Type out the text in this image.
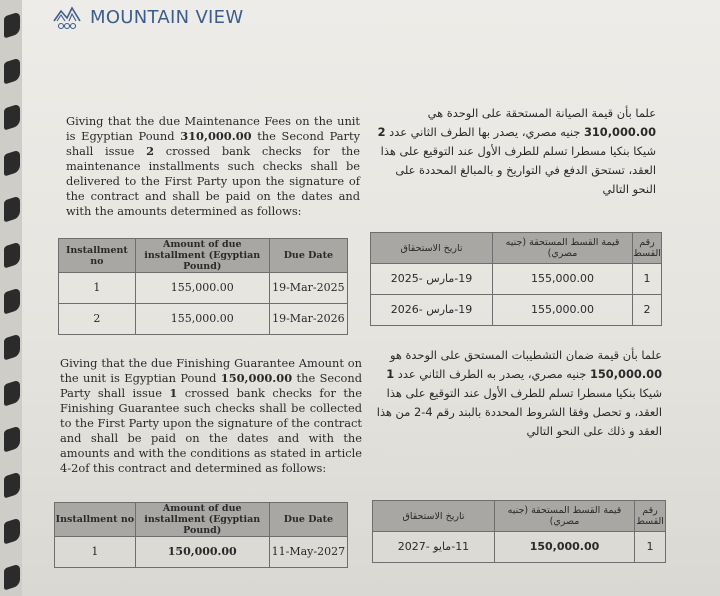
MOUNTAIN VIEW
Giving that the due Maintenance Fees on the unit is Egyptian Pound 310,000.00 the Second Party shall issue 2 crossed bank checks for the maintenance installments such checks shall be delivered to the First Party upon the signature of the contract and shall be paid on the dates and with the amounts determined as follows:
علما بأن قيمة الصيانة المستحقة على الوحدة هي 310,000.00 جنيه مصري، يصدر بها الطرف الثاني عدد 2 شيكا بنكيا مسطرا تسلم للطرف الأول عند التوقيع على هذا العقد، تستحق الدفع في التواريخ و بالمبالغ المحددة على النحو التالي
Installment no	Amount of due installment (Egyptian Pound)	Due Date
1	155,000.00	19-Mar-2025
2	155,000.00	19-Mar-2026
رقم القسط	قيمة القسط المستحقة (جنيه مصري)	تاريخ الاستحقاق
1	155,000.00	19-مارس -2025
2	155,000.00	19-مارس -2026
Giving that the due Finishing Guarantee Amount on the unit is Egyptian Pound 150,000.00 the Second Party shall issue 1 crossed bank checks for the Finishing Guarantee such checks shall be collected to the First Party upon the signature of the contract and shall be paid on the dates and with the amounts and with the conditions as stated in article 4-2of this contract and determined as follows:
علما بأن قيمة ضمان التشطيبات المستحق على الوحدة هو 150,000.00 جنيه مصري، يصدر به الطرف الثاني عدد 1 شيكا بنكيا مسطرا تسلم للطرف الأول عند التوقيع على هذا العقد، و تحصل وفقا الشروط المحددة بالبند رقم 4-2 من هذا العقد و ذلك على النحو التالي
Installment no	Amount of due installment (Egyptian Pound)	Due Date
1	150,000.00	11-May-2027
رقم القسط	قيمة القسط المستحقة (جنيه مصري)	تاريخ الاستحقاق
1	150,000.00	11-مايو -2027
